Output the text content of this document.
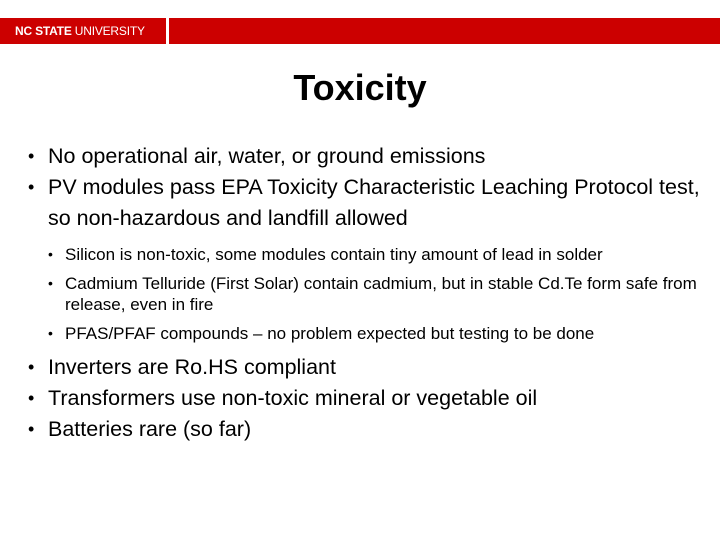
NC STATE UNIVERSITY
Toxicity
• No operational air, water, or ground emissions
• PV modules pass EPA Toxicity Characteristic Leaching Protocol test, so non-hazardous and landfill allowed
• Silicon is non-toxic, some modules contain tiny amount of lead in solder
• Cadmium Telluride (First Solar) contain cadmium, but in stable Cd.Te form safe from release, even in fire
• PFAS/PFAF compounds – no problem expected but testing to be done
• Inverters are Ro.HS compliant
• Transformers use non-toxic mineral or vegetable oil
• Batteries rare (so far)
